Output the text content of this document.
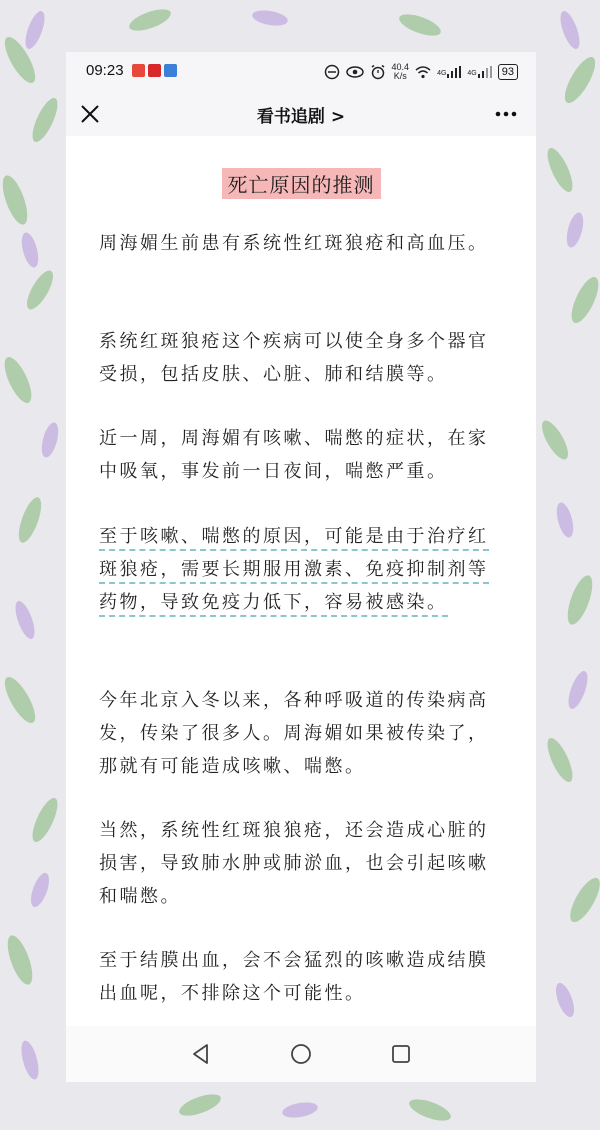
09:23	40.4
K/s	4G	4G	93
看书追剧 >
死亡原因的推测

周海媚生前患有系统性红斑狼疮和高血压。

系统红斑狼疮这个疾病可以使全身多个器官受损，包括皮肤、心脏、肺和结膜等。

近一周，周海媚有咳嗽、喘憋的症状，在家中吸氧，事发前一日夜间，喘憋严重。

至于咳嗽、喘憋的原因，可能是由于治疗红斑狼疮，需要长期服用激素、免疫抑制剂等药物，导致免疫力低下，容易被感染。

今年北京入冬以来，各种呼吸道的传染病高发，传染了很多人。周海媚如果被传染了，那就有可能造成咳嗽、喘憋。

当然，系统性红斑狼狼疮，还会造成心脏的损害，导致肺水肿或肺淤血，也会引起咳嗽和喘憋。

至于结膜出血，会不会猛烈的咳嗽造成结膜出血呢，不排除这个可能性。
